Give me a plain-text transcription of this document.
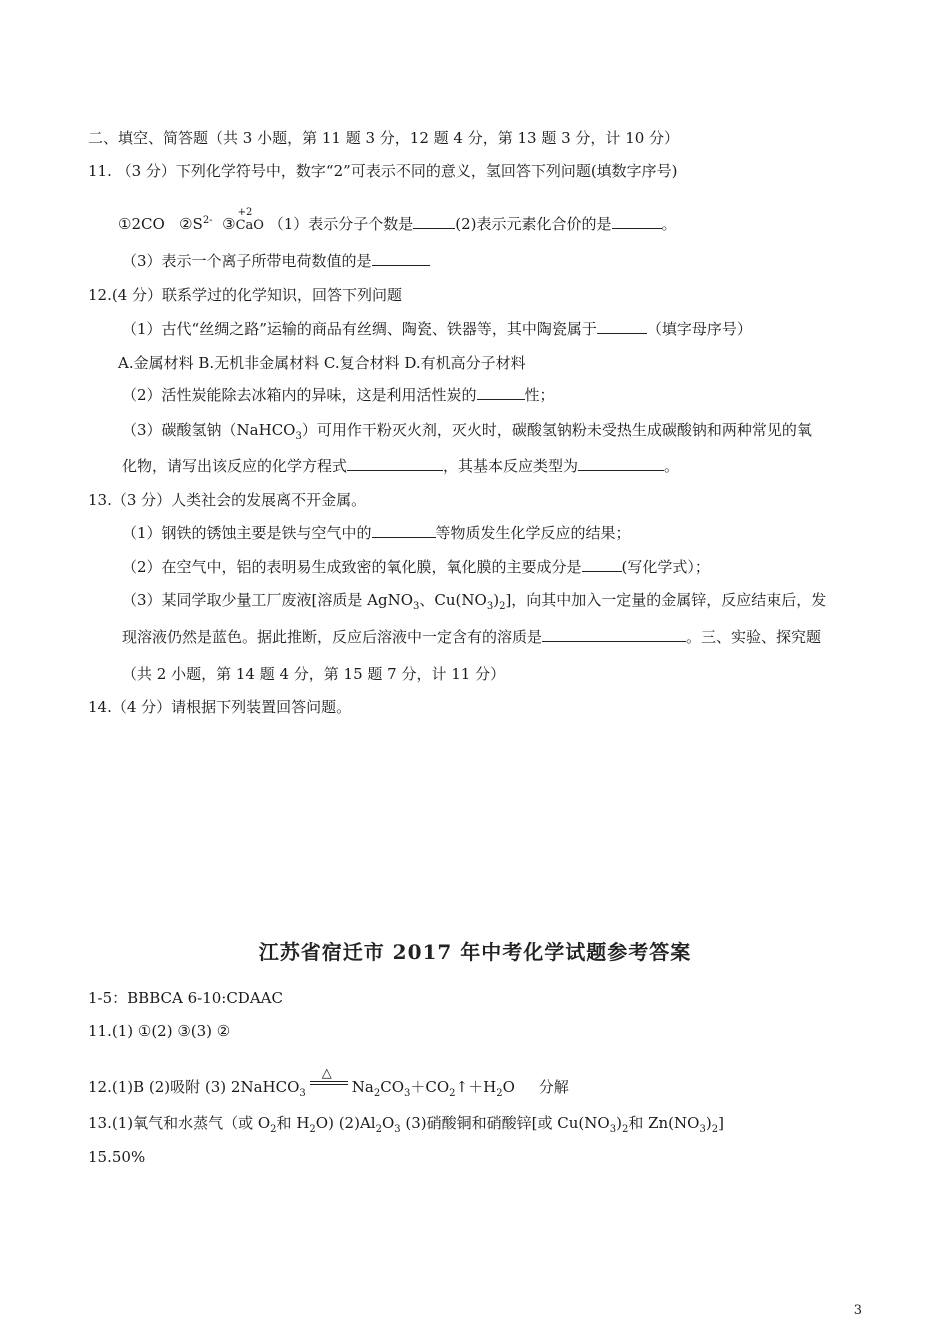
二、填空、简答题（共 3 小题，第 11 题 3 分，12 题 4 分，第 13 题 3 分，计 10 分）
11. （3 分）下列化学符号中，数字“2”可表示不同的意义，氢回答下列问题(填数字序号)
①2CO $②S^{2-}$ ③
+2
CaO （1）表示分子个数是	(2)表示元素化合价的是	。
（3）表示一个离子所带电荷数值的是
12.(4 分）联系学过的化学知识，回答下列问题
（1）古代“丝绸之路”运输的商品有丝绸、陶瓷、铁器等，其中陶瓷属于	（填字母序号）
A.金属材料 B.无机非金属材料 C.复合材料 D.有机高分子材料
（2）活性炭能除去冰箱内的异味，这是利用活性炭的	性；
（3）碳酸氢钠（NaHCO$_3$）可用作干粉灭火剂，灭火时，碳酸氢钠粉未受热生成碳酸钠和两种常见的氧
化物，请写出该反应的化学方程式	，其基本反应类型为	。
13.（3 分）人类社会的发展离不开金属。
（1）钢铁的锈蚀主要是铁与空气中的	等物质发生化学反应的结果；
（2）在空气中，铝的表明易生成致密的氧化膜，氧化膜的主要成分是	(写化学式）；
（3）某同学取少量工厂废液[溶质是 AgNO$_3$、$Cu(NO_3)_2$]，向其中加入一定量的金属锌，反应结束后，发
现溶液仍然是蓝色。据此推断，反应后溶液中一定含有的溶质是	。三、实验、探究题
（共 2 小题，第 14 题 4 分，第 15 题 7 分，计 11 分）
14.（4 分）请根据下列装置回答问题。
江苏省宿迁市 2017 年中考化学试题参考答案
1-5：BBBCA 6-10:CDAAC
11.(1) ①(2) ③(3) ②
12.(1)B (2)吸附 (3) 2NaHCO$_3$
△
$Na_2CO_3+CO_2↑+H_2O$ 分解
13.(1)氧气和水蒸气（或 $O_2$和 $H_2O$) $(2)Al_2O_3$ (3)硝酸铜和硝酸锌[或 $Cu(NO_3)_2$和 $Zn(NO_3)_2$]
15.50%
3
